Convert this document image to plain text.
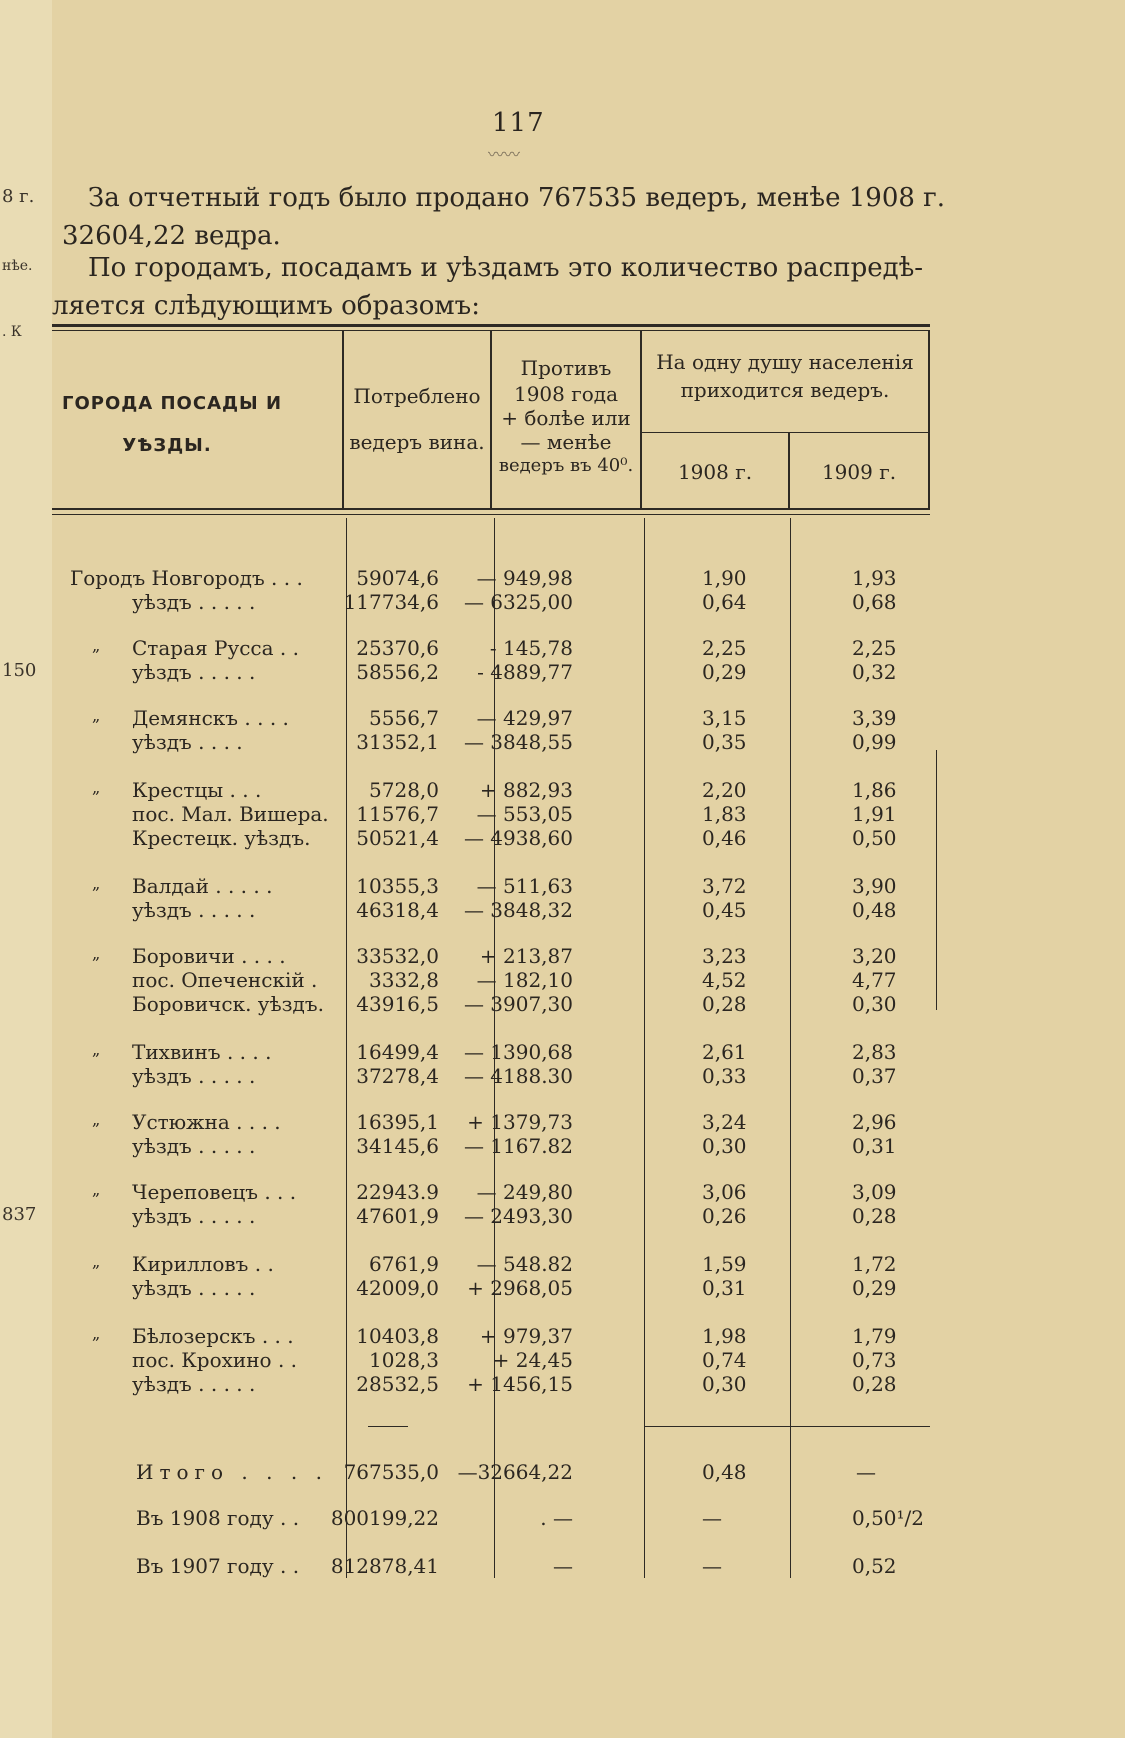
8 г.
нѣе.
. К
150
837
117
〰〰
За отчетный годъ было продано 767535 ведеръ, менѣе 1908 г.
32604,22 ведра.
По городамъ, посадамъ и уѣздамъ это количество распредѣ-
ляется слѣдующимъ образомъ:
ГОРОДА ПОСАДЫ И
УѢЗДЫ.
Потреблено
ведеръ вина.
Противъ
1908 года
+ болѣе или
— менѣе
ведеръ въ 40⁰.
На одну душу населенія
приходится ведеръ.
1908 г.	1909 г.
Городъ Новгородъ . . .	59074,6 — 949,98	1,90	1,93
уѣздъ . . . . .	117734,6 — 6325,00	0,64	0,68
„ Старая Русса . .	25370,6	- 145,78	2,25	2,25
уѣздъ . . . . .	58556,2 - 4889,77	0,29	0,32
„ Демянскъ . . . .	5556,7 — 429,97	3,15	3,39
уѣздъ . . . .	31352,1 — 3848,55	0,35	0,99
„ Крестцы . . .	5728,0 + 882,93	2,20	1,86
пос. Мал. Вишера. 11576,7 — 553,05	1,83	1,91
Крестецк. уѣздъ. 50521,4 — 4938,60	0,46	0,50
„ Валдай . . . . .	10355,3 — 511,63	3,72	3,90
уѣздъ . . . . .	46318,4 — 3848,32	0,45	0,48
„ Боровичи . . . .	33532,0 + 213,87	3,23	3,20
пос. Опеченскій .	3332,8 — 182,10	4,52	4,77
Боровичск. уѣздъ. 43916,5 — 3907,30	0,28	0,30
„ Тихвинъ . . . .	16499,4 — 1390,68	2,61	2,83
уѣздъ . . . . .	37278,4 — 4188.30	0,33	0,37
„ Устюжна . . . .	16395,1 + 1379,73	3,24	2,96
уѣздъ . . . . .	34145,6 — 1167.82	0,30	0,31
„ Череповецъ . . .	22943.9 — 249,80	3,06	3,09
уѣздъ . . . . .	47601,9 — 2493,30	0,26	0,28
„ Кирилловъ . .	6761,9 — 548.82	1,59	1,72
уѣздъ . . . . .	42009,0 + 2968,05	0,31	0,29
„ Бѣлозерскъ . . .	10403,8 + 979,37	1,98	1,79
пос. Крохино . .	1028,3	+ 24,45	0,74	0,73
уѣздъ . . . . .	28532,5 + 1456,15	0,30	0,28
Итого . . . . 767535,0 —32664,22	0,48	—
Въ 1908 году . . 800199,22	. —	—	0,50¹/2
Въ 1907 году . . 812878,41	—	—	0,52
